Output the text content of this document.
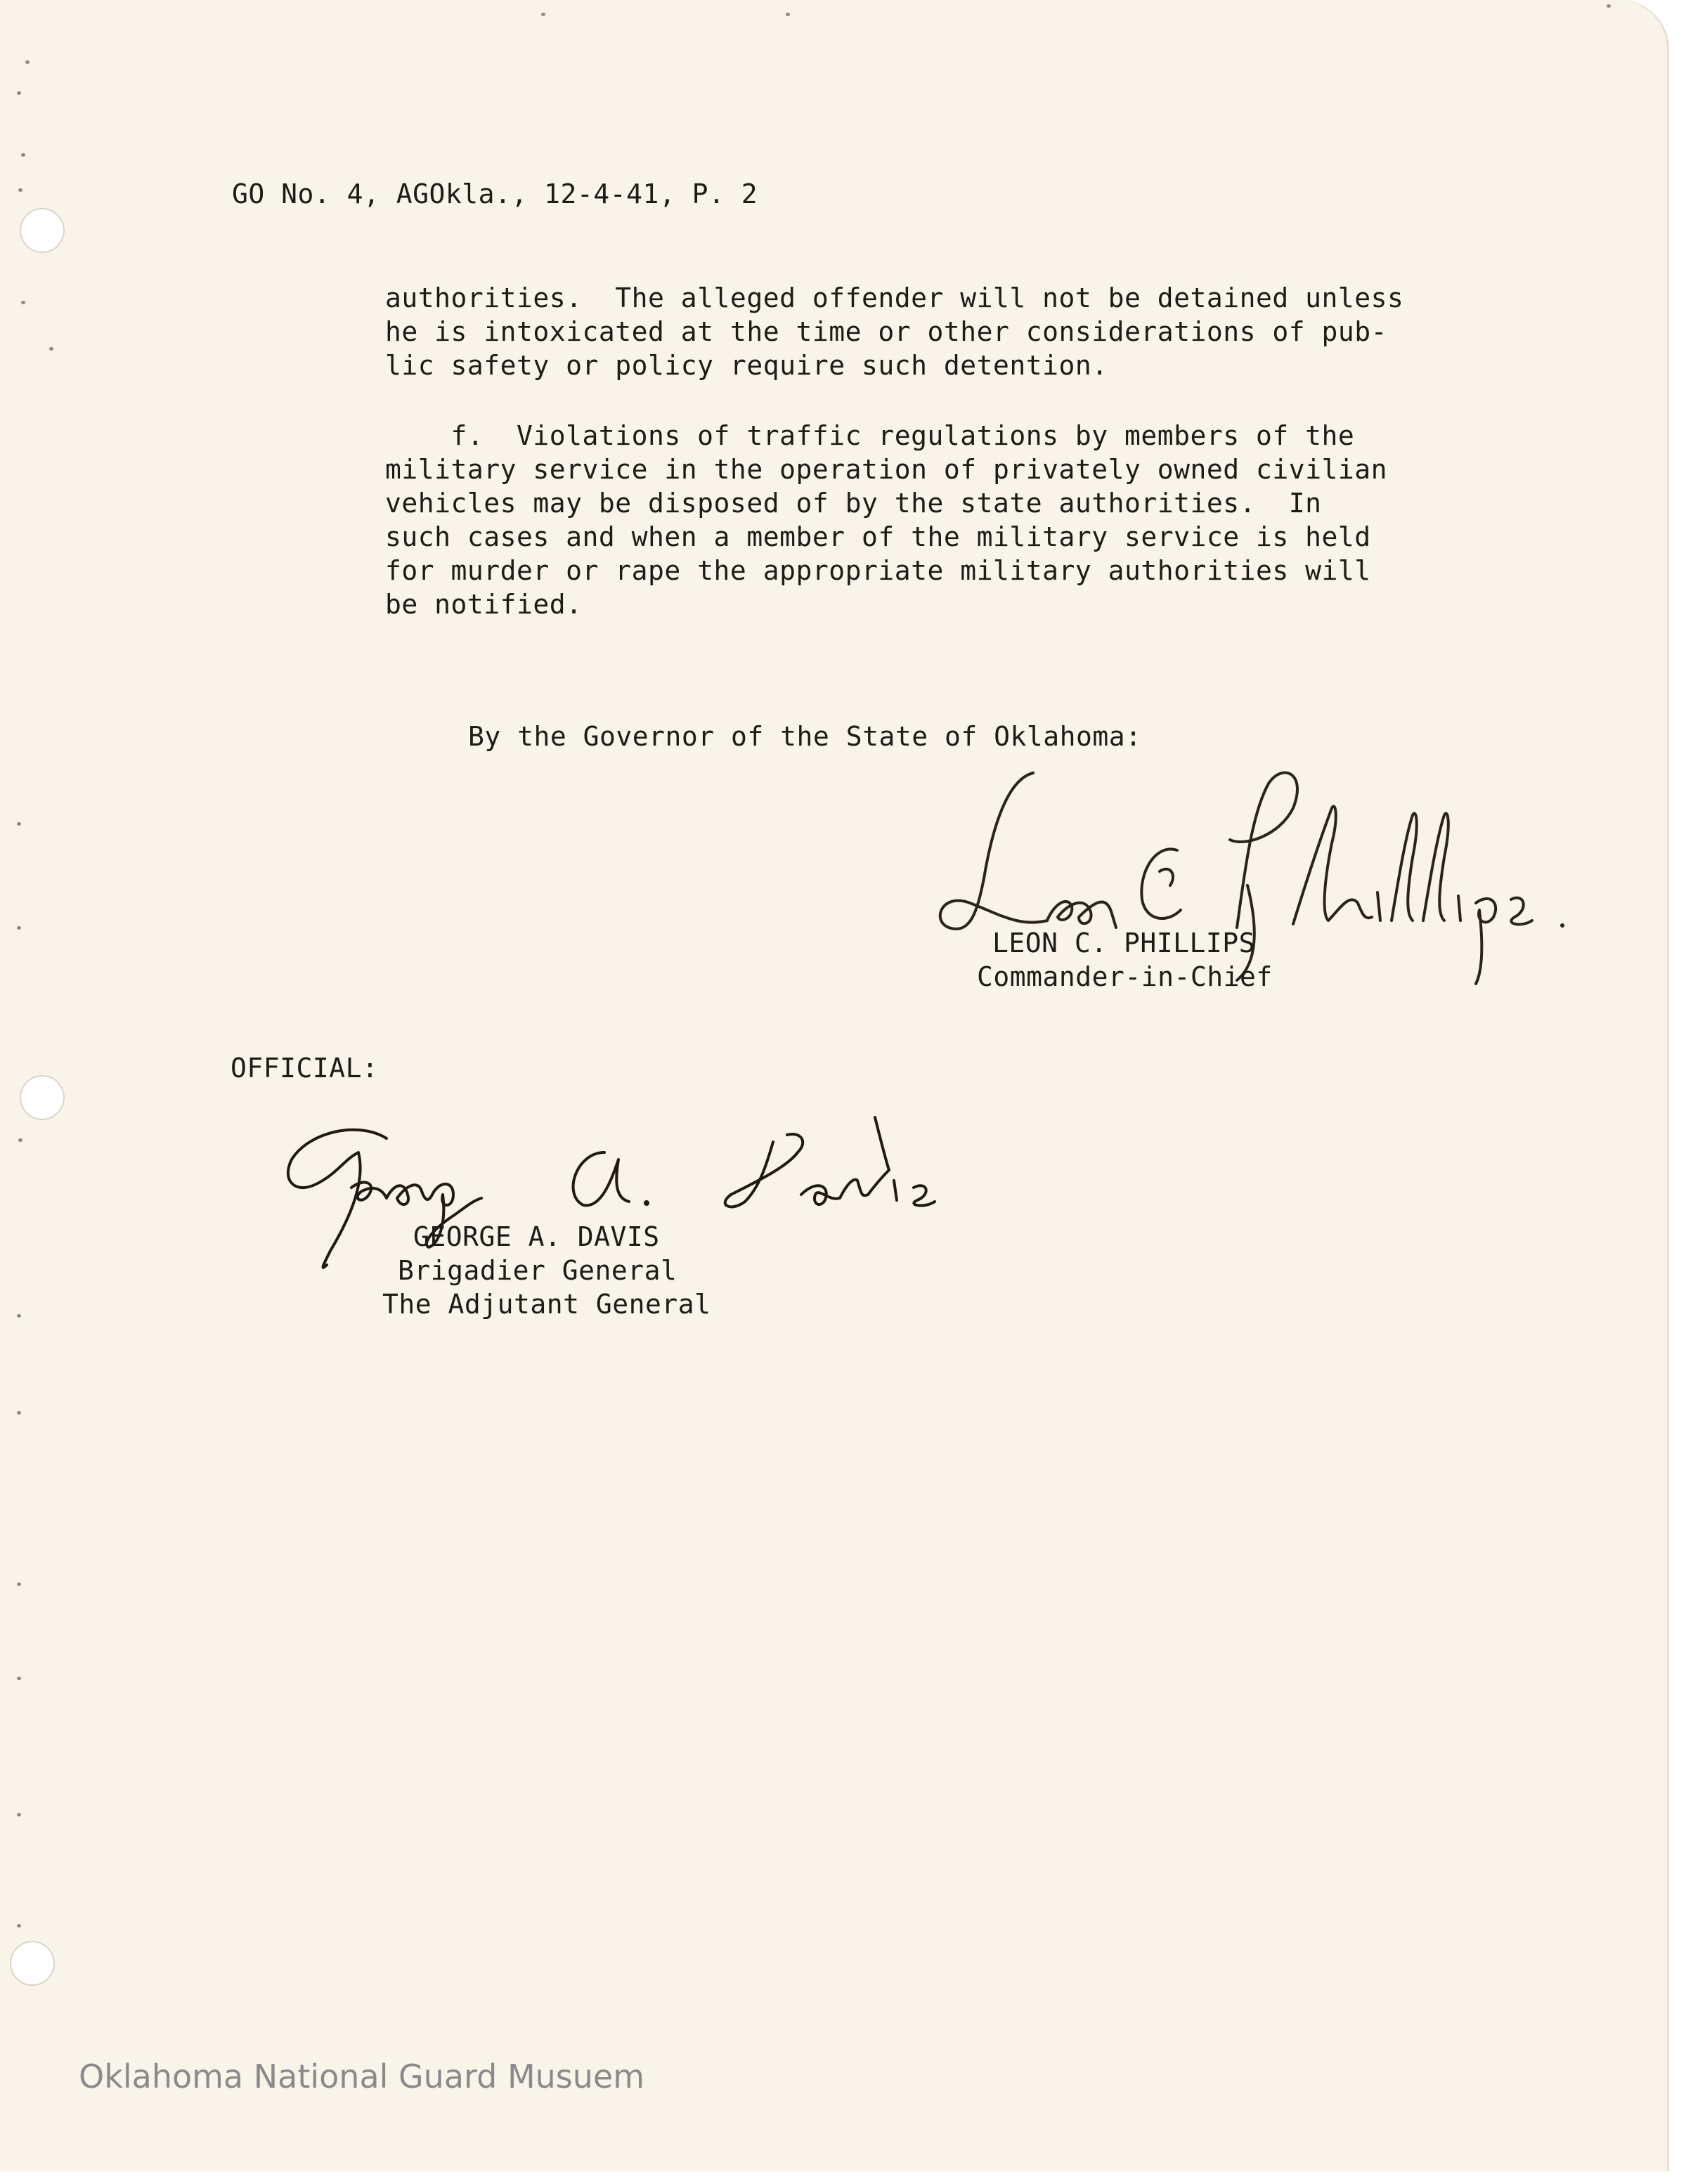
GO No. 4, AGOkla., 12-4-41, P. 2
authorities.  The alleged offender will not be detained unless
he is intoxicated at the time or other considerations of pub-
lic safety or policy require such detention.
f.  Violations of traffic regulations by members of the
military service in the operation of privately owned civilian
vehicles may be disposed of by the state authorities.  In
such cases and when a member of the military service is held
for murder or rape the appropriate military authorities will
be notified.
By the Governor of the State of Oklahoma:
LEON C. PHILLIPS
Commander-in-Chief
OFFICIAL:
GEORGE A. DAVIS
Brigadier General
The Adjutant General
Oklahoma National Guard Musuem
